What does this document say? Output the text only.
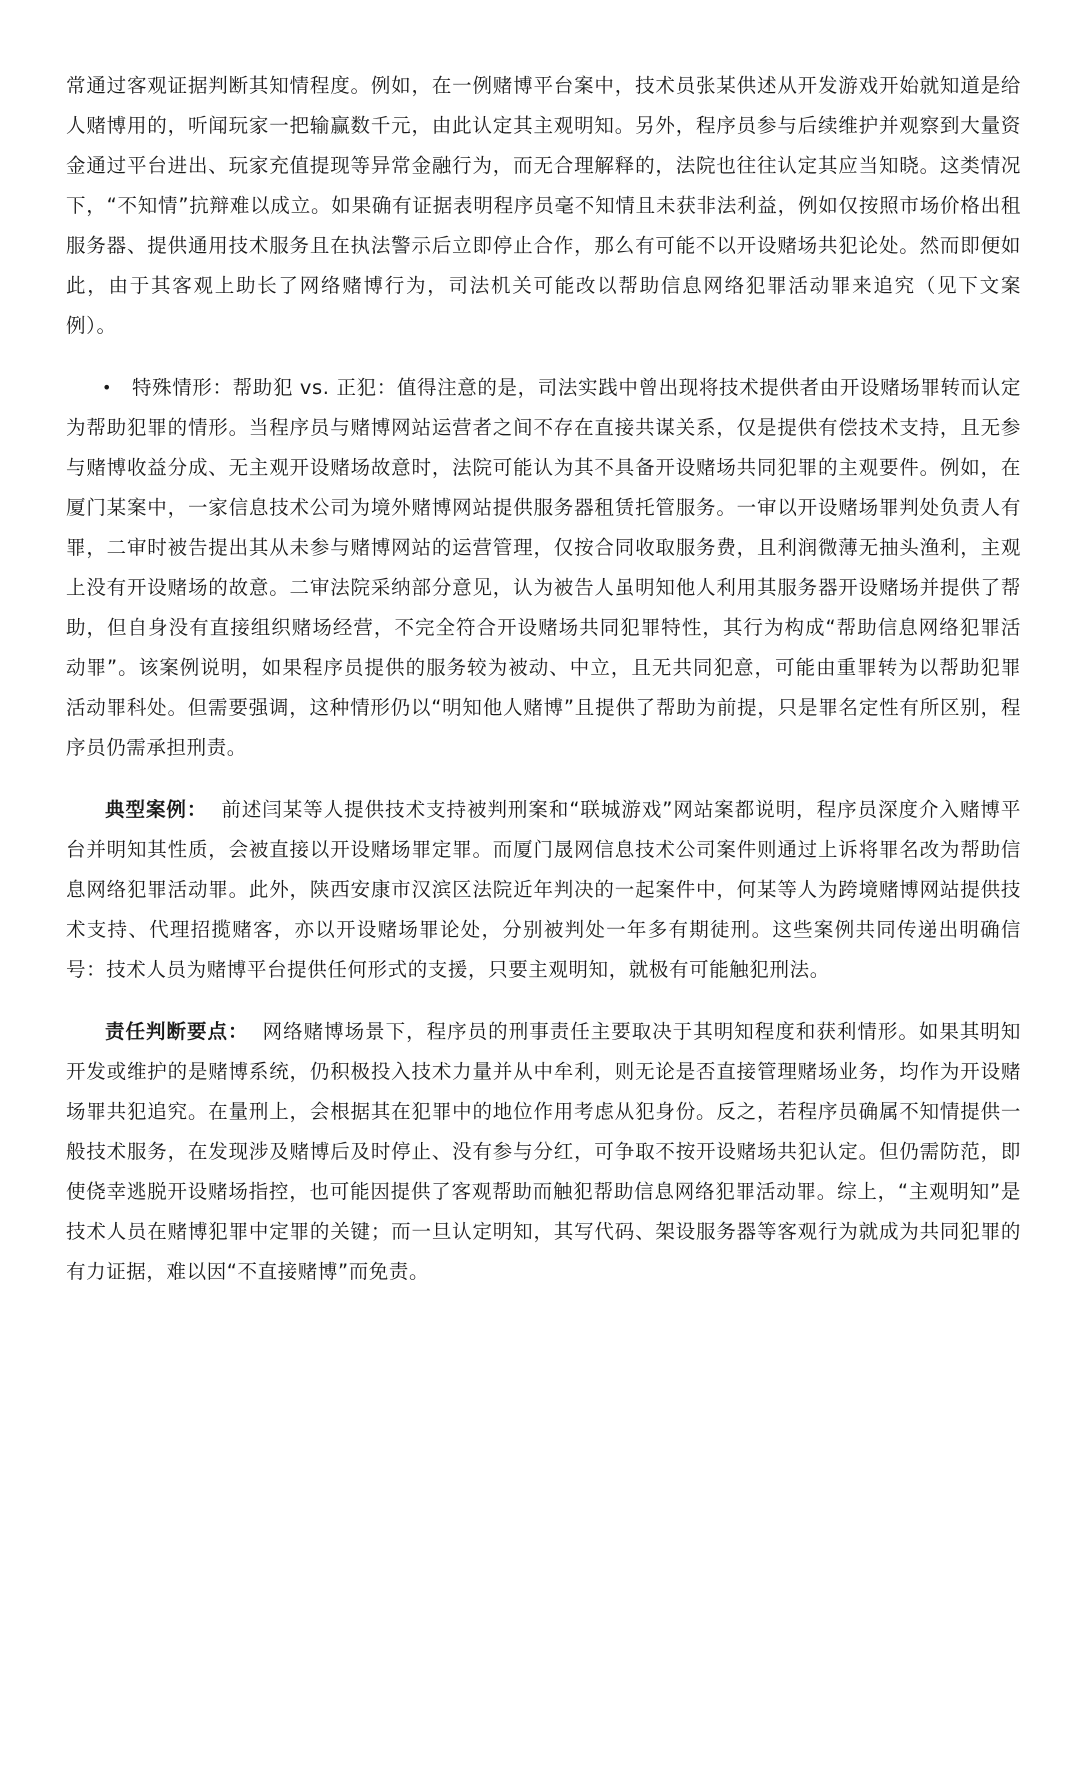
常通过客观证据判断其知情程度。例如，在一例赌博平台案中，技术员张某供述从开发游戏开始就知道是给人赌博用的，听闻玩家一把输赢数千元，由此认定其主观明知。另外，程序员参与后续维护并观察到大量资金通过平台进出、玩家充值提现等异常金融行为，而无合理解释的，法院也往往认定其应当知晓。这类情况下，“不知情”抗辩难以成立。如果确有证据表明程序员毫不知情且未获非法利益，例如仅按照市场价格出租服务器、提供通用技术服务且在执法警示后立即停止合作，那么有可能不以开设赌场共犯论处。然而即便如此，由于其客观上助长了网络赌博行为，司法机关可能改以帮助信息网络犯罪活动罪来追究（见下文案例）。

• 特殊情形：帮助犯 vs. 正犯：值得注意的是，司法实践中曾出现将技术提供者由开设赌场罪转而认定为帮助犯罪的情形。当程序员与赌博网站运营者之间不存在直接共谋关系，仅是提供有偿技术支持，且无参与赌博收益分成、无主观开设赌场故意时，法院可能认为其不具备开设赌场共同犯罪的主观要件。例如，在厦门某案中，一家信息技术公司为境外赌博网站提供服务器租赁托管服务。一审以开设赌场罪判处负责人有罪，二审时被告提出其从未参与赌博网站的运营管理，仅按合同收取服务费，且利润微薄无抽头渔利，主观上没有开设赌场的故意。二审法院采纳部分意见，认为被告人虽明知他人利用其服务器开设赌场并提供了帮助，但自身没有直接组织赌场经营，不完全符合开设赌场共同犯罪特性，其行为构成“帮助信息网络犯罪活动罪”。该案例说明，如果程序员提供的服务较为被动、中立，且无共同犯意，可能由重罪转为以帮助犯罪活动罪科处。但需要强调，这种情形仍以“明知他人赌博”且提供了帮助为前提，只是罪名定性有所区别，程序员仍需承担刑责。

典型案例： 前述闫某等人提供技术支持被判刑案和“联城游戏”网站案都说明，程序员深度介入赌博平台并明知其性质，会被直接以开设赌场罪定罪。而厦门晟网信息技术公司案件则通过上诉将罪名改为帮助信息网络犯罪活动罪。此外，陕西安康市汉滨区法院近年判决的一起案件中，何某等人为跨境赌博网站提供技术支持、代理招揽赌客，亦以开设赌场罪论处，分别被判处一年多有期徒刑。这些案例共同传递出明确信号：技术人员为赌博平台提供任何形式的支援，只要主观明知，就极有可能触犯刑法。

责任判断要点： 网络赌博场景下，程序员的刑事责任主要取决于其明知程度和获利情形。如果其明知开发或维护的是赌博系统，仍积极投入技术力量并从中牟利，则无论是否直接管理赌场业务，均作为开设赌场罪共犯追究。在量刑上，会根据其在犯罪中的地位作用考虑从犯身份。反之，若程序员确属不知情提供一般技术服务，在发现涉及赌博后及时停止、没有参与分红，可争取不按开设赌场共犯认定。但仍需防范，即使侥幸逃脱开设赌场指控，也可能因提供了客观帮助而触犯帮助信息网络犯罪活动罪。综上，“主观明知”是技术人员在赌博犯罪中定罪的关键；而一旦认定明知，其写代码、架设服务器等客观行为就成为共同犯罪的有力证据，难以因“不直接赌博”而免责。
